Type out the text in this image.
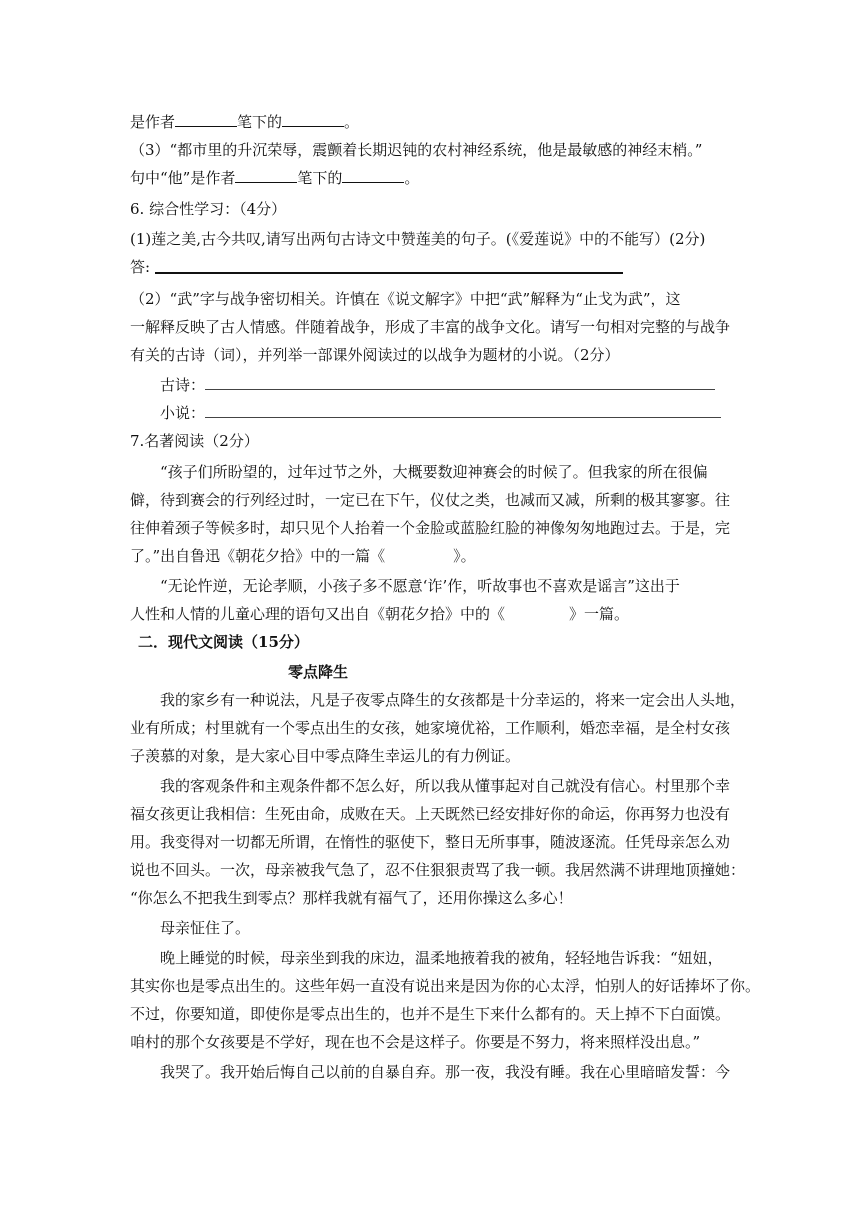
是作者	笔下的	。
（3）“都市里的升沉荣辱，震颤着长期迟钝的农村神经系统，他是最敏感的神经末梢。”
句中“他”是作者	笔下的	。
6. 综合性学习：（4分）
(1)莲之美,古今共叹,请写出两句古诗文中赞莲美的句子。(《爱莲说》中的不能写）(2分)
答:
（2）“武”字与战争密切相关。许慎在《说文解字》中把“武”解释为“止戈为武”，这
一解释反映了古人情感。伴随着战争，形成了丰富的战争文化。请写一句相对完整的与战争
有关的古诗（词），并列举一部课外阅读过的以战争为题材的小说。（2分）
古诗：
小说：
7.名著阅读（2分）
“孩子们所盼望的，过年过节之外，大概要数迎神赛会的时候了。但我家的所在很偏
僻，待到赛会的行列经过时，一定已在下午，仪仗之类，也减而又减，所剩的极其寥寥。往
往伸着颈子等候多时，却只见个人抬着一个金脸或蓝脸红脸的神像匆匆地跑过去。于是，完
了。”出自鲁迅《朝花夕拾》中的一篇《	》。
“无论忤逆，无论孝顺，小孩子多不愿意‘诈’作，听故事也不喜欢是谣言”这出于
人性和人情的儿童心理的语句又出自《朝花夕拾》中的《	》一篇。
二．现代文阅读（15分）
零点降生
我的家乡有一种说法，凡是子夜零点降生的女孩都是十分幸运的，将来一定会出人头地，
业有所成；村里就有一个零点出生的女孩，她家境优裕，工作顺利，婚恋幸福，是全村女孩
子羡慕的对象，是大家心目中零点降生幸运儿的有力例证。
我的客观条件和主观条件都不怎么好，所以我从懂事起对自己就没有信心。村里那个幸
福女孩更让我相信：生死由命，成败在天。上天既然已经安排好你的命运，你再努力也没有
用。我变得对一切都无所谓，在惰性的驱使下，整日无所事事，随波逐流。任凭母亲怎么劝
说也不回头。一次，母亲被我气急了，忍不住狠狠责骂了我一顿。我居然满不讲理地顶撞她：
“你怎么不把我生到零点？那样我就有福气了，还用你操这么多心！
母亲怔住了。
晚上睡觉的时候，母亲坐到我的床边，温柔地掖着我的被角，轻轻地告诉我：“妞妞，
其实你也是零点出生的。这些年妈一直没有说出来是因为你的心太浮，怕别人的好话捧坏了你。
不过，你要知道，即使你是零点出生的，也并不是生下来什么都有的。天上掉不下白面馍。
咱村的那个女孩要是不学好，现在也不会是这样子。你要是不努力，将来照样没出息。”
我哭了。我开始后悔自己以前的自暴自弃。那一夜，我没有睡。我在心里暗暗发誓：今
